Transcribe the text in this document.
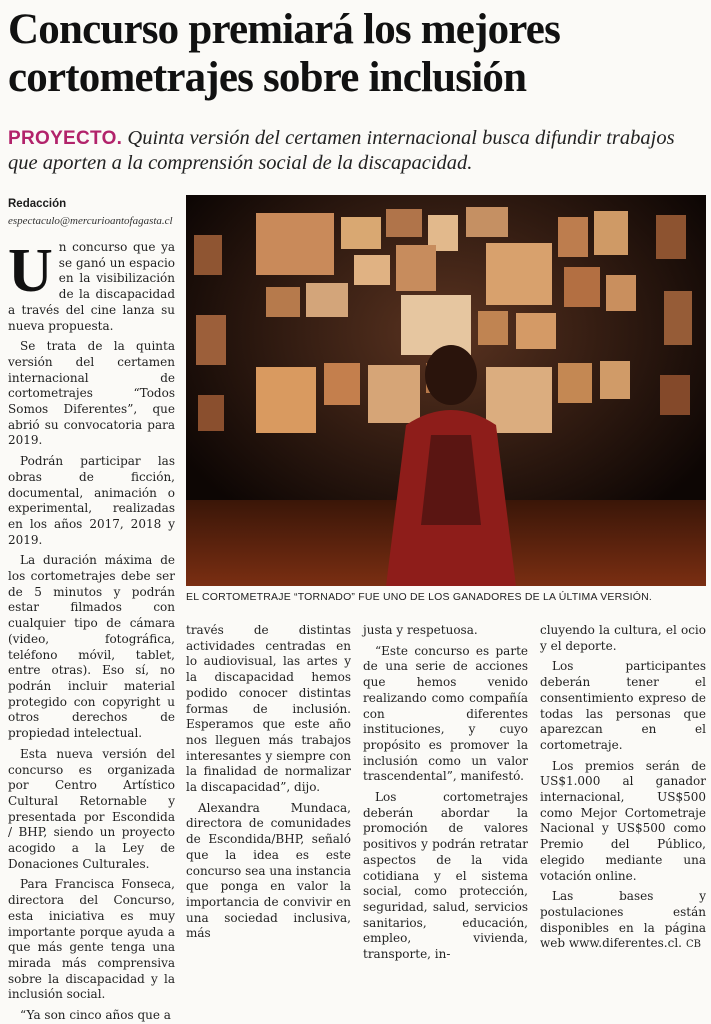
Concurso premiará los mejores cortometrajes sobre inclusión
PROYECTO. Quinta versión del certamen internacional busca difundir trabajos que aporten a la comprensión social de la discapacidad.
Redacción
espectaculo@mercurioantofagasta.cl

Un concurso que ya se ganó un espacio en la visibilización de la discapacidad a través del cine lanza su nueva propuesta.

Se trata de la quinta versión del certamen internacional de cortometrajes “Todos Somos Diferentes”, que abrió su convocatoria para 2019.

Podrán participar las obras de ficción, documental, animación o experimental, realizadas en los años 2017, 2018 y 2019.

La duración máxima de los cortometrajes debe ser de 5 minutos y podrán estar filmados con cualquier tipo de cámara (video, fotográfica, teléfono móvil, tablet, entre otras). Eso sí, no podrán incluir material protegido con copyright u otros derechos de propiedad intelectual.

Esta nueva versión del concurso es organizada por Centro Artístico Cultural Retornable y presentada por Escondida / BHP, siendo un proyecto acogido a la Ley de Donaciones Culturales.

Para Francisca Fonseca, directora del Concurso, esta iniciativa es muy importante porque ayuda a que más gente tenga una mirada más comprensiva sobre la discapacidad y la inclusión social.

“Ya son cinco años que a

EL CORTOMETRAJE “TORNADO” FUE UNO DE LOS GANADORES DE LA ÚLTIMA VERSIÓN.

través de distintas actividades centradas en lo audiovisual, las artes y la discapacidad hemos podido conocer distintas formas de inclusión. Esperamos que este año nos lleguen más trabajos interesantes y siempre con la finalidad de normalizar la discapacidad”, dijo.

Alexandra Mundaca, directora de comunidades de Escondida/BHP, señaló que la idea es este concurso sea una instancia que ponga en valor la importancia de convivir en una sociedad inclusiva, más

justa y respetuosa.

“Este concurso es parte de una serie de acciones que hemos venido realizando como compañía con diferentes instituciones, y cuyo propósito es promover la inclusión como un valor trascendental”, manifestó.

Los cortometrajes deberán abordar la promoción de valores positivos y podrán retratar aspectos de la vida cotidiana y el sistema social, como protección, seguridad, salud, servicios sanitarios, educación, empleo, vivienda, transporte, in-

cluyendo la cultura, el ocio y el deporte.

Los participantes deberán tener el consentimiento expreso de todas las personas que aparezcan en el cortometraje.

Los premios serán de US$1.000 al ganador internacional, US$500 como Mejor Cortometraje Nacional y US$500 como Premio del Público, elegido mediante una votación online.

Las bases y postulaciones están disponibles en la página web www.diferentes.cl. CB
